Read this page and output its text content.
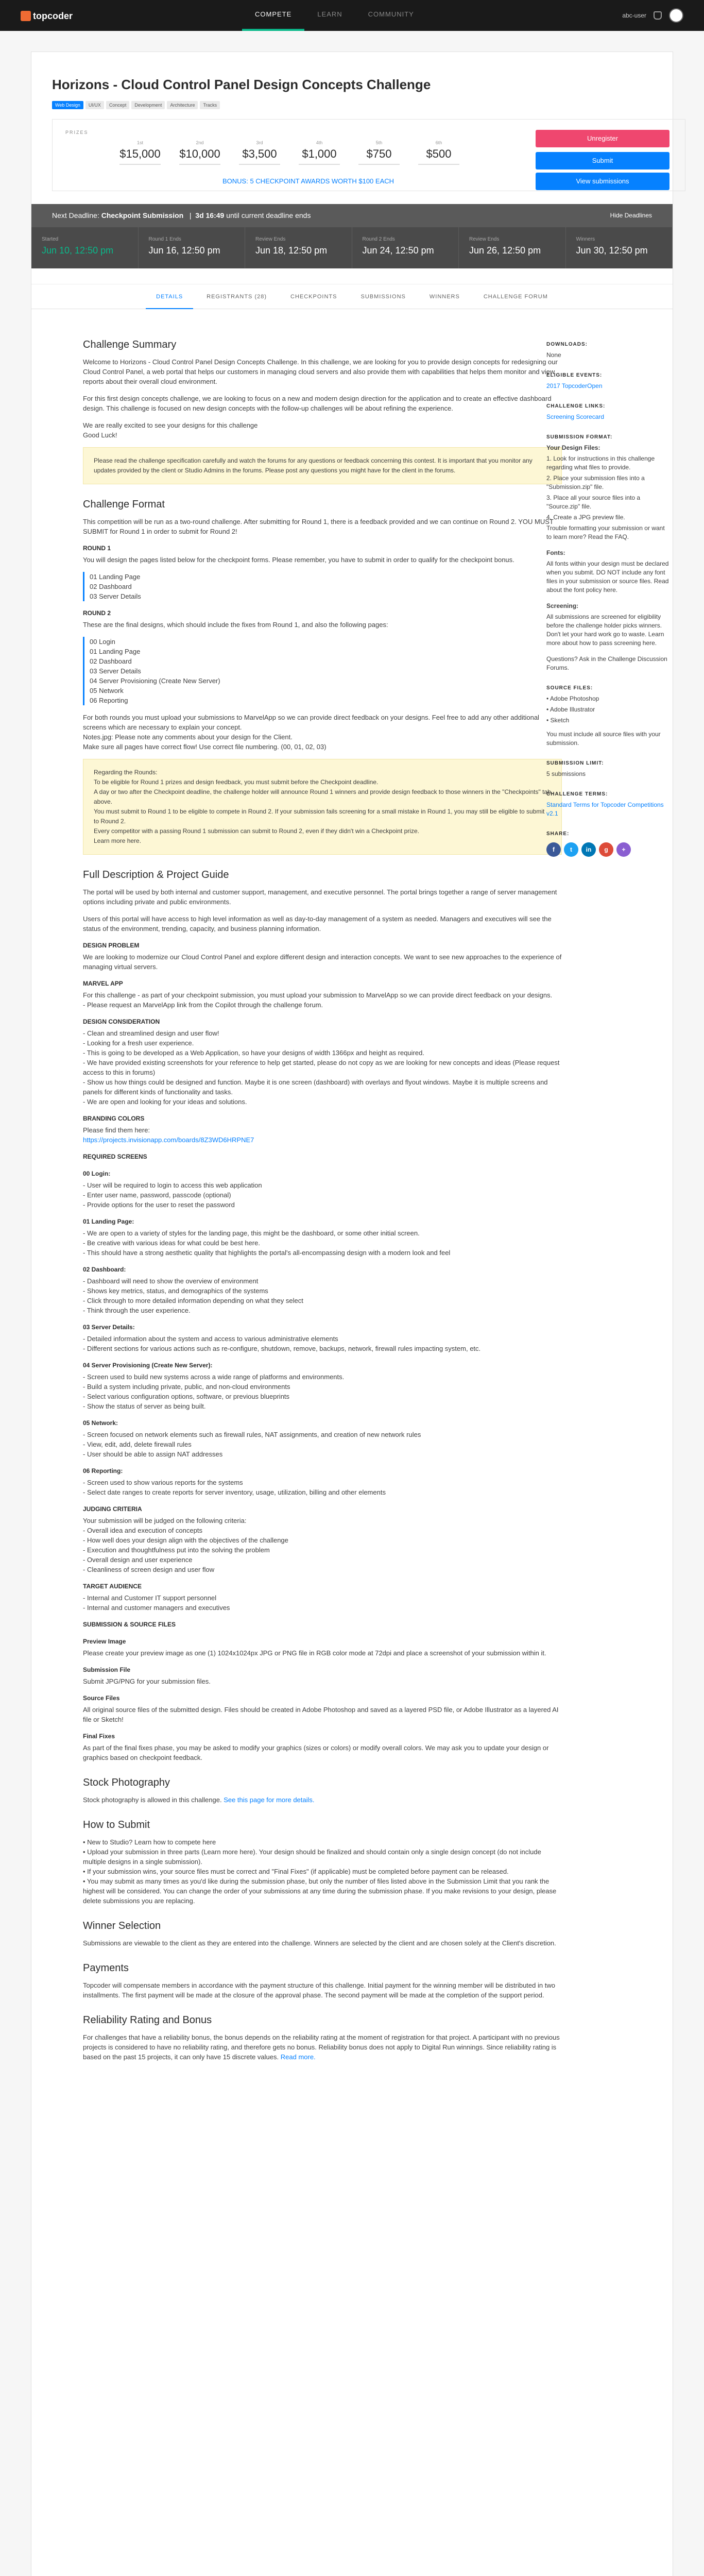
topcoder	COMPETE	LEARN	COMMUNITY	abc-user
Horizons - Cloud Control Panel Design Concepts Challenge
Web Design	UI/UX	Concept	Development	Architecture	Tracks
PRIZES
1st
$15,000
2nd
$10,000
3rd
$3,500
4th
$1,000
5th
$750
6th
$500
BONUS: 5 CHECKPOINT AWARDS WORTH $100 EACH
Unregister
Submit
View submissions
Next Deadline: Checkpoint Submission   |  3d 16:49 until current deadline ends	Hide Deadlines
Started
Jun 10, 12:50 pm
Round 1 Ends
Jun 16, 12:50 pm
Review Ends
Jun 18, 12:50 pm
Round 2 Ends
Jun 24, 12:50 pm
Review Ends
Jun 26, 12:50 pm
Winners
Jun 30, 12:50 pm
DETAILS	REGISTRANTS (28)	CHECKPOINTS	SUBMISSIONS	WINNERS	CHALLENGE FORUM
Challenge Summary

Welcome to Horizons - Cloud Control Panel Design Concepts Challenge. In this challenge, we are looking for you to provide design concepts for redesigning our Cloud Control Panel, a web portal that helps our customers in managing cloud servers and also provide them with capabilities that helps them monitor and view reports about their overall cloud environment.

For this first design concepts challenge, we are looking to focus on a new and modern design direction for the application and to create an effective dashboard design. This challenge is focused on new design concepts with the follow-up challenges will be about refining the experience.

We are really excited to see your designs for this challenge

Good Luck!

Please read the challenge specification carefully and watch the forums for any questions or feedback concerning this contest. It is important that you monitor any updates provided by the client or Studio Admins in the forums. Please post any questions you might have for the client in the forums.
Challenge Format

This competition will be run as a two-round challenge. After submitting for Round 1, there is a feedback provided and we can continue on Round 2. YOU MUST SUBMIT for Round 1 in order to submit for Round 2!

ROUND 1

You will design the pages listed below for the checkpoint forms. Please remember, you have to submit in order to qualify for the checkpoint bonus.

01 Landing Page
02 Dashboard
03 Server Details
ROUND 2

These are the final designs, which should include the fixes from Round 1, and also the following pages:

00 Login
01 Landing Page
02 Dashboard
03 Server Details
04 Server Provisioning (Create New Server)
05 Network
06 Reporting
For both rounds you must upload your submissions to MarvelApp so we can provide direct feedback on your designs. Feel free to add any other additional screens which are necessary to explain your concept.
Notes.jpg: Please note any comments about your design for the Client.

Make sure all pages have correct flow! Use correct file numbering. (00, 01, 02, 03)

Regarding the Rounds:
To be eligible for Round 1 prizes and design feedback, you must submit before the Checkpoint deadline.
A day or two after the Checkpoint deadline, the challenge holder will announce Round 1 winners and provide design feedback to those winners in the "Checkpoints" tab above.
You must submit to Round 1 to be eligible to compete in Round 2. If your submission fails screening for a small mistake in Round 1, you may still be eligible to submit to Round 2.
Every competitor with a passing Round 1 submission can submit to Round 2, even if they didn't win a Checkpoint prize.
Learn more here.
Full Description & Project Guide

The portal will be used by both internal and customer support, management, and executive personnel. The portal brings together a range of server management options including private and public environments.

Users of this portal will have access to high level information as well as day-to-day management of a system as needed. Managers and executives will see the status of the environment, trending, capacity, and business planning information.

DESIGN PROBLEM

We are looking to modernize our Cloud Control Panel and explore different design and interaction concepts. We want to see new approaches to the experience of managing virtual servers.

MARVEL APP
For this challenge - as part of your checkpoint submission, you must upload your submission to MarvelApp so we can provide direct feedback on your designs.

- Please request an MarvelApp link from the Copilot through the challenge forum.

DESIGN CONSIDERATION
- Clean and streamlined design and user flow!
- Looking for a fresh user experience.
- This is going to be developed as a Web Application, so have your designs of width 1366px and height as required.
- We have provided existing screenshots for your reference to help get started, please do not copy as we are looking for new concepts and ideas (Please request access to this in forums)
- Show us how things could be designed and function. Maybe it is one screen (dashboard) with overlays and flyout windows. Maybe it is multiple screens and panels for different kinds of functionality and tasks.

- We are open and looking for your ideas and solutions.

BRANDING COLORS
Please find them here:

https://projects.invisionapp.com/boards/8Z3WD6HRPNE7

REQUIRED SCREENS
00 Login:
- User will be required to login to access this web application
- Enter user name, password, passcode (optional)

- Provide options for the user to reset the password

01 Landing Page:
- We are open to a variety of styles for the landing page, this might be the dashboard, or some other initial screen.
- Be creative with various ideas for what could be best here.

- This should have a strong aesthetic quality that highlights the portal's all-encompassing design with a modern look and feel

02 Dashboard:
- Dashboard will need to show the overview of environment
- Shows key metrics, status, and demographics of the systems
- Click through to more detailed information depending on what they select

- Think through the user experience.

03 Server Details:
- Detailed information about the system and access to various administrative elements

- Different sections for various actions such as re-configure, shutdown, remove, backups, network, firewall rules impacting system, etc.

04 Server Provisioning (Create New Server):
- Screen used to build new systems across a wide range of platforms and environments.
- Build a system including private, public, and non-cloud environments
- Select various configuration options, software, or previous blueprints

- Show the status of server as being built.

05 Network:
- Screen focused on network elements such as firewall rules, NAT assignments, and creation of new network rules
- View, edit, add, delete firewall rules

- User should be able to assign NAT addresses

06 Reporting:
- Screen used to show various reports for the systems

- Select date ranges to create reports for server inventory, usage, utilization, billing and other elements

JUDGING CRITERIA
Your submission will be judged on the following criteria:
- Overall idea and execution of concepts
- How well does your design align with the objectives of the challenge
- Execution and thoughtfulness put into the solving the problem
- Overall design and user experience

- Cleanliness of screen design and user flow

TARGET AUDIENCE
- Internal and Customer IT support personnel

- Internal and customer managers and executives

SUBMISSION & SOURCE FILES
Preview Image

Please create your preview image as one (1) 1024x1024px JPG or PNG file in RGB color mode at 72dpi and place a screenshot of your submission within it.

Submission File

Submit JPG/PNG for your submission files.

Source Files

All original source files of the submitted design. Files should be created in Adobe Photoshop and saved as a layered PSD file, or Adobe Illustrator as a layered AI file or Sketch!

Final Fixes

As part of the final fixes phase, you may be asked to modify your graphics (sizes or colors) or modify overall colors. We may ask you to update your design or graphics based on checkpoint feedback.

Stock Photography

Stock photography is allowed in this challenge. See this page for more details.

How to Submit
• New to Studio? Learn how to compete here
• Upload your submission in three parts (Learn more here). Your design should be finalized and should contain only a single design concept (do not include multiple designs in a single submission).
• If your submission wins, your source files must be correct and "Final Fixes" (if applicable) must be completed before payment can be released.

• You may submit as many times as you'd like during the submission phase, but only the number of files listed above in the Submission Limit that you rank the highest will be considered. You can change the order of your submissions at any time during the submission phase. If you make revisions to your design, please delete submissions you are replacing.

Winner Selection

Submissions are viewable to the client as they are entered into the challenge. Winners are selected by the client and are chosen solely at the Client's discretion.

Payments

Topcoder will compensate members in accordance with the payment structure of this challenge. Initial payment for the winning member will be distributed in two installments. The first payment will be made at the closure of the approval phase. The second payment will be made at the completion of the support period.

Reliability Rating and Bonus

For challenges that have a reliability bonus, the bonus depends on the reliability rating at the moment of registration for that project. A participant with no previous projects is considered to have no reliability rating, and therefore gets no bonus. Reliability bonus does not apply to Digital Run winnings. Since reliability rating is based on the past 15 projects, it can only have 15 discrete values. Read more.

DOWNLOADS:

None

ELIGIBLE EVENTS:

2017 TopcoderOpen

CHALLENGE LINKS:

Screening Scorecard

SUBMISSION FORMAT:

Your Design Files:

1. Look for instructions in this challenge regarding what files to provide.

2. Place your submission files into a "Submission.zip" file.

3. Place all your source files into a "Source.zip" file.

4. Create a JPG preview file.

Trouble formatting your submission or want to learn more? Read the FAQ.

Fonts:

All fonts within your design must be declared when you submit. DO NOT include any font files in your submission or source files. Read about the font policy here.

Screening:

All submissions are screened for eligibility before the challenge holder picks winners. Don't let your hard work go to waste. Learn more about how to pass screening here.

Questions? Ask in the Challenge Discussion Forums.

SOURCE FILES:

• Adobe Photoshop

• Adobe Illustrator

• Sketch

You must include all source files with your submission.

SUBMISSION LIMIT:

5 submissions

CHALLENGE TERMS:

Standard Terms for Topcoder Competitions v2.1

SHARE:
f	t	in	g	+
